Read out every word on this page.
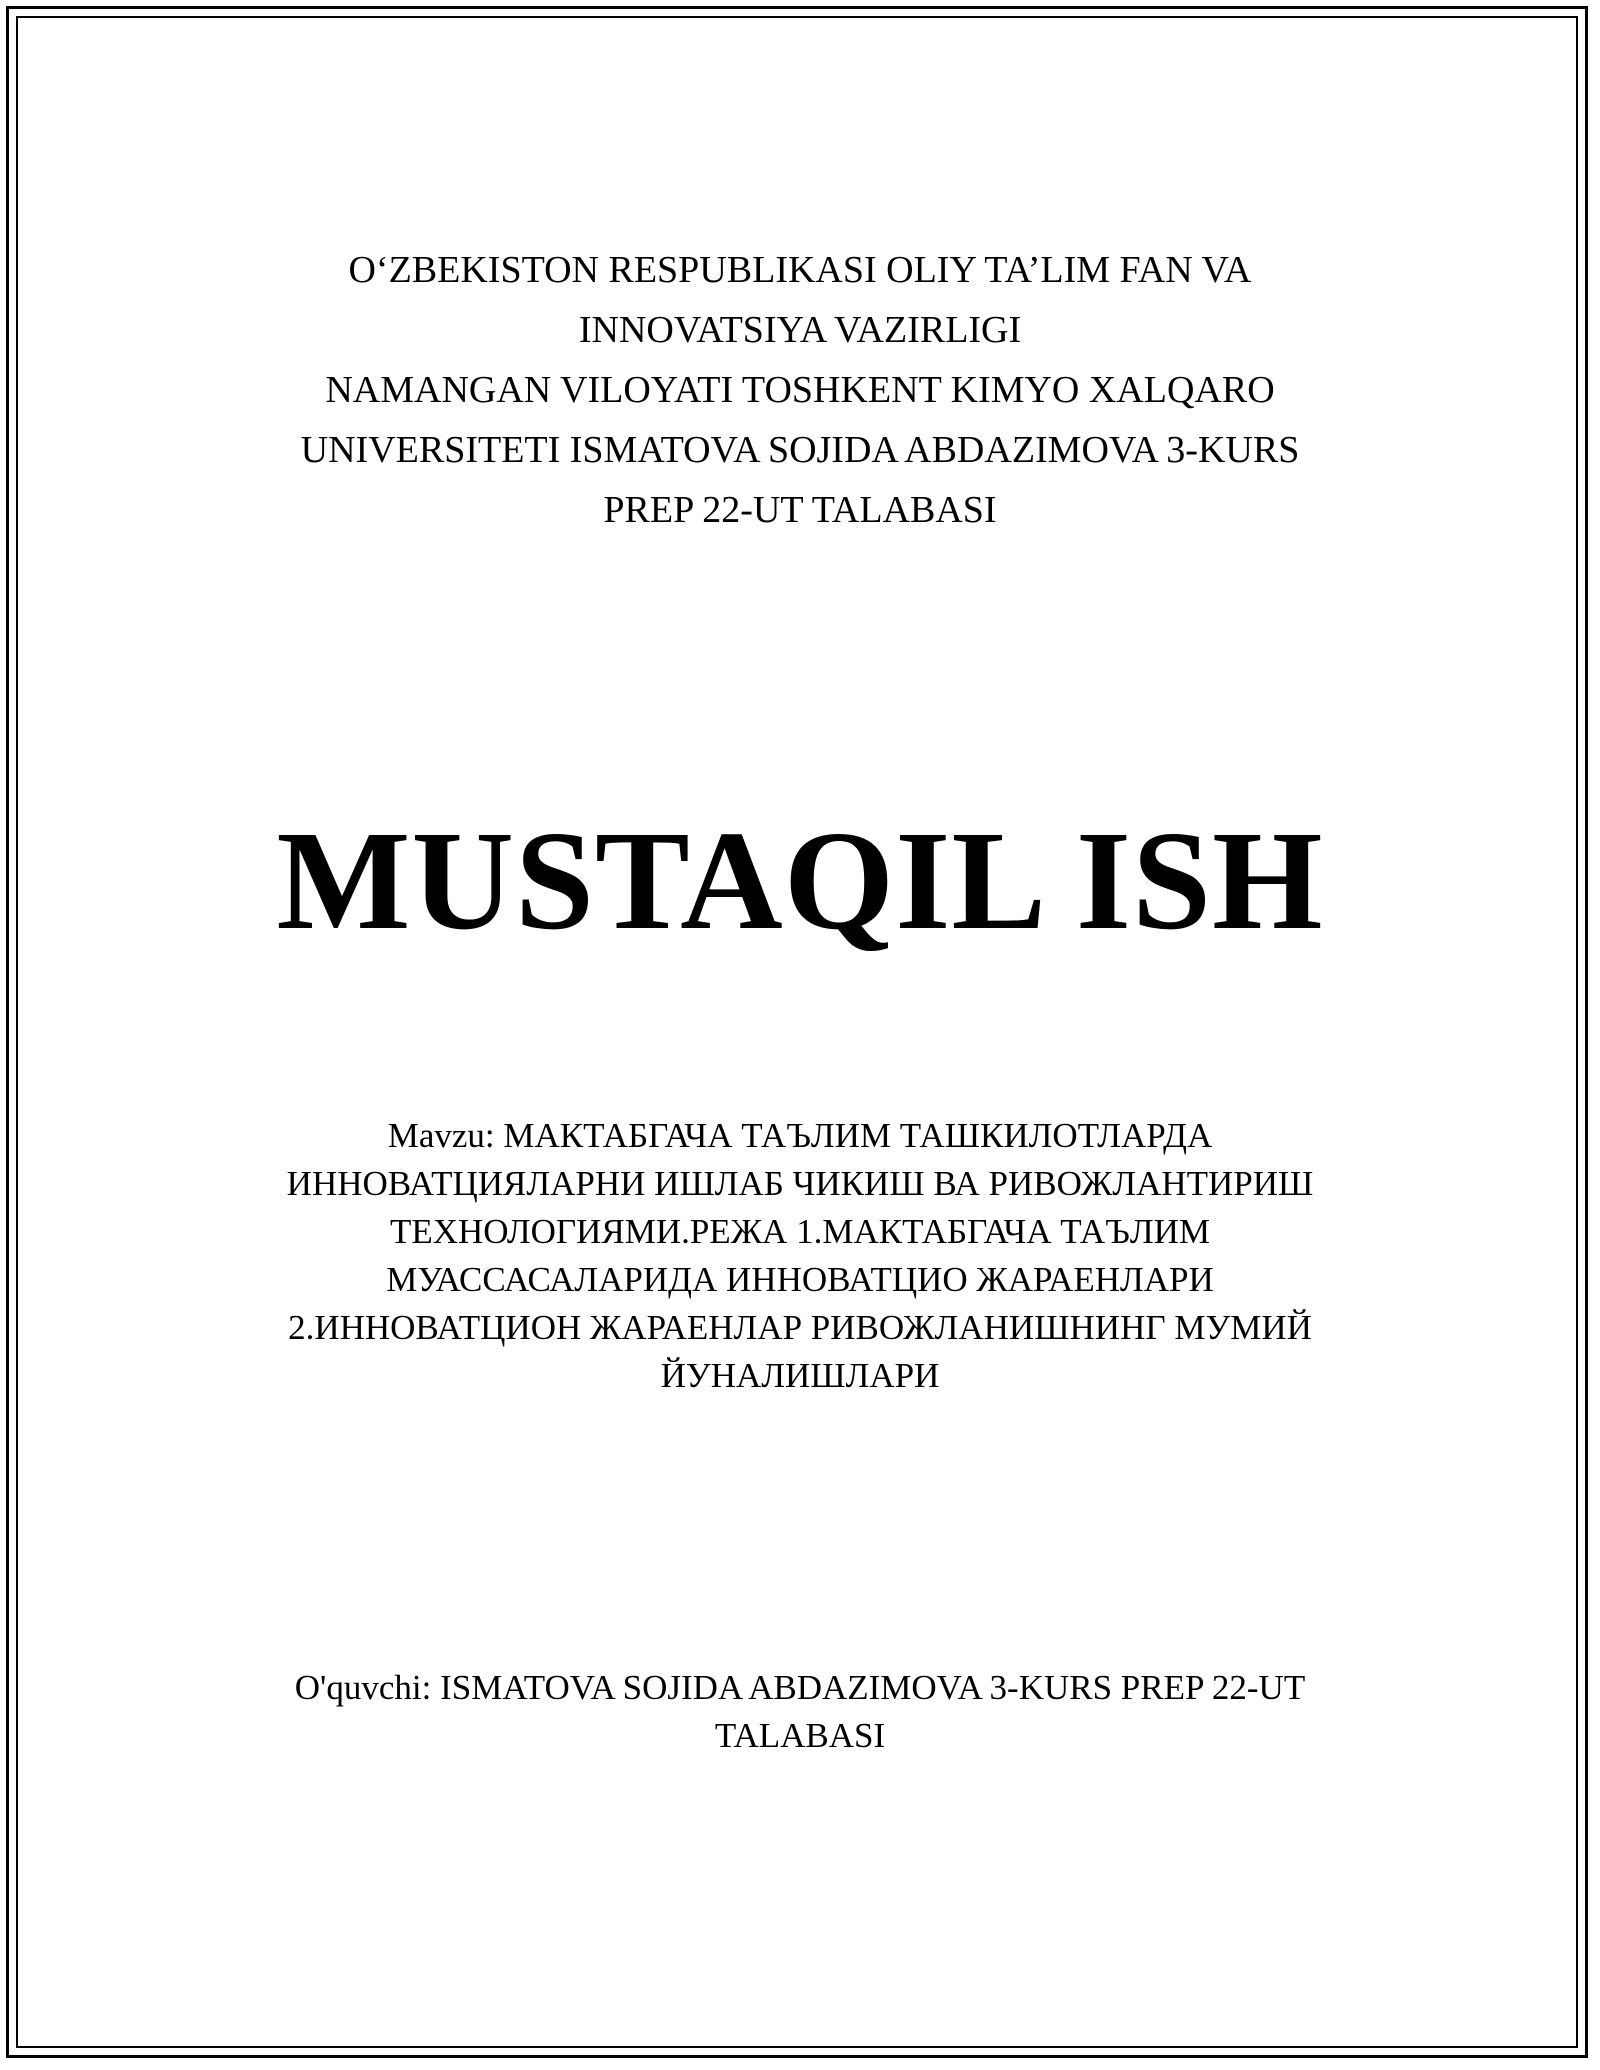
O‘ZBEKISTON RESPUBLIKASI OLIY TA’LIM FAN VA
INNOVATSIYA VAZIRLIGI
NAMANGAN VILOYATI TOSHKENT KIMYO XALQARO
UNIVERSITETI ISMATOVA SOJIDA ABDAZIMOVA 3-KURS
PREP 22-UT TALABASI
MUSTAQIL ISH
Mavzu: МАКТАБГАЧА ТАЪЛИМ ТАШКИЛОТЛАРДА ИННОВАТЦИЯЛАРНИ ИШЛАБ ЧИКИШ ВА РИВОЖЛАНТИРИШ ТЕХНОЛОГИЯМИ.РЕЖА 1.МАКТАБГАЧА ТАЪЛИМ МУАССАСАЛАРИДА ИННОВАТЦИО ЖАРАЕНЛАРИ 2.ИННОВАТЦИОН ЖАРАЕНЛАР РИВОЖЛАНИШНИНГ МУМИЙ ЙУНАЛИШЛАРИ
O'quvchi: ISMATOVA SOJIDA ABDAZIMOVA 3-KURS PREP 22-UT TALABASI
